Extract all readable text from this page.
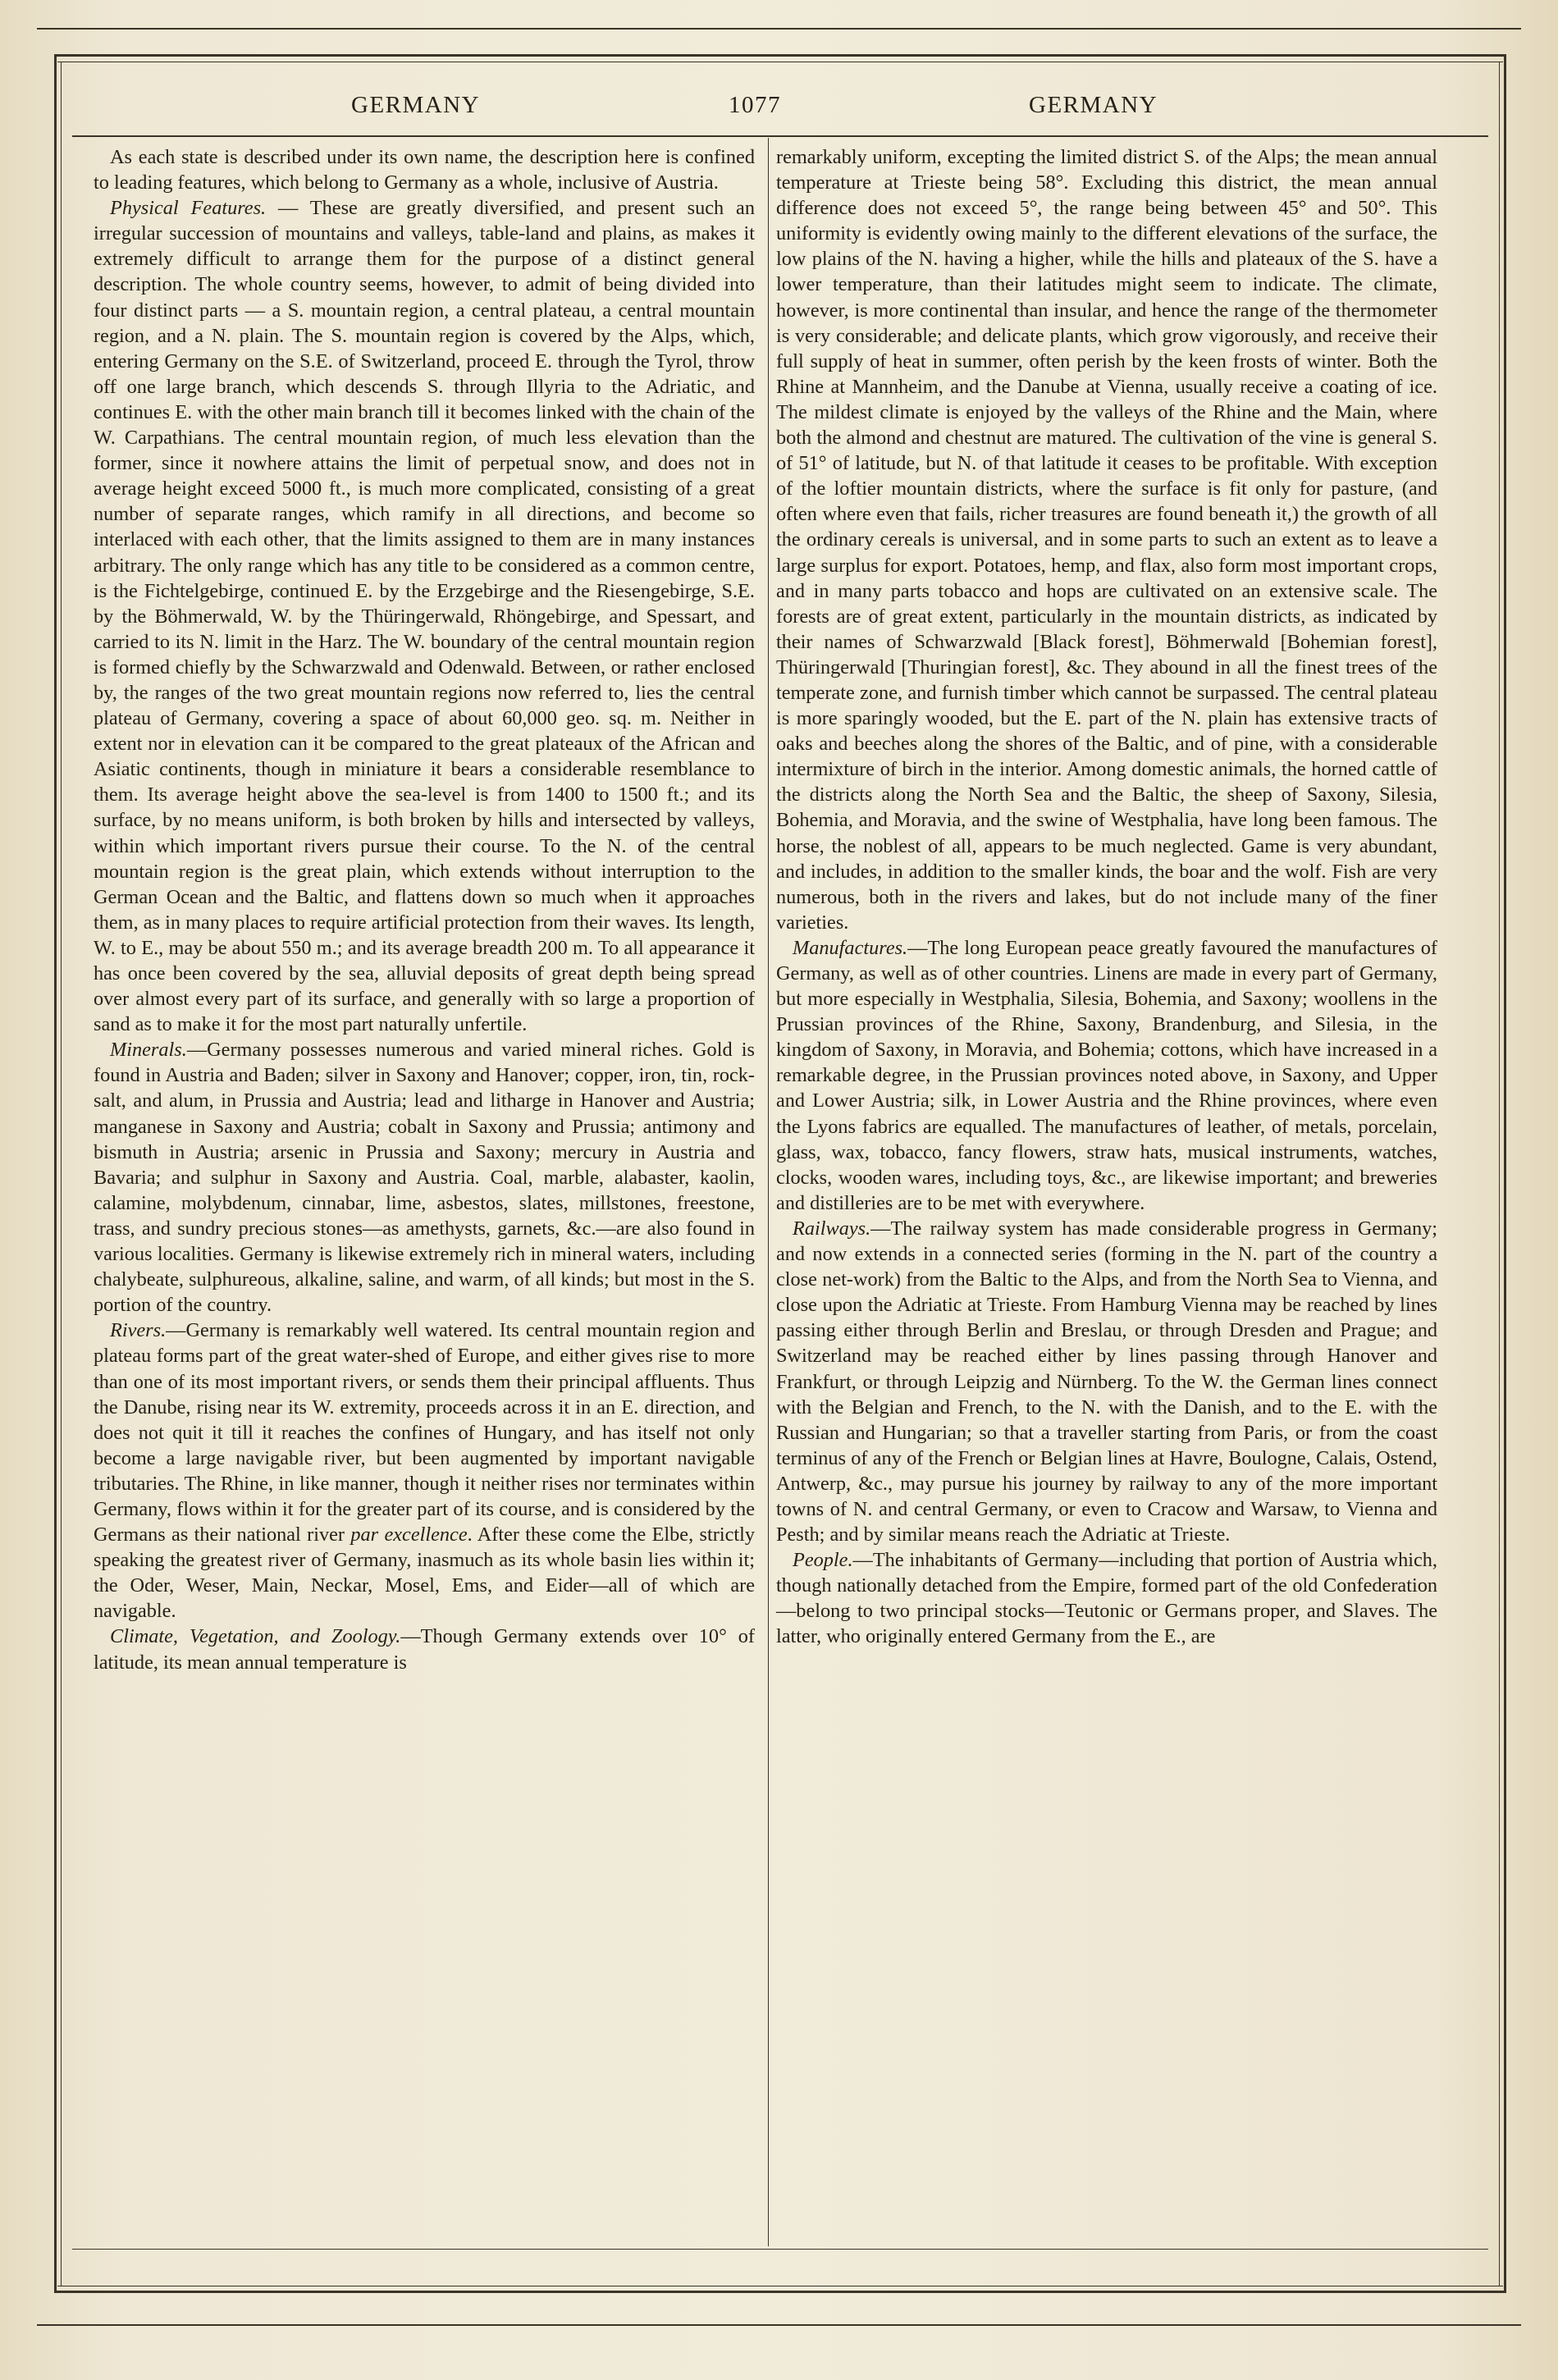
GERMANY	1077	GERMANY

As each state is described under its own name, the description here is confined to leading features, which belong to Germany as a whole, inclusive of Austria.

Physical Features. — These are greatly diversified, and present such an irregular succession of mountains and valleys, table-land and plains, as makes it extremely difficult to arrange them for the purpose of a distinct general description. The whole country seems, however, to admit of being divided into four distinct parts — a S. mountain region, a central plateau, a central mountain region, and a N. plain. The S. mountain region is covered by the Alps, which, entering Germany on the S.E. of Switzerland, proceed E. through the Tyrol, throw off one large branch, which descends S. through Illyria to the Adriatic, and continues E. with the other main branch till it becomes linked with the chain of the W. Carpathians. The central mountain region, of much less elevation than the former, since it nowhere attains the limit of perpetual snow, and does not in average height exceed 5000 ft., is much more complicated, consisting of a great number of separate ranges, which ramify in all directions, and become so interlaced with each other, that the limits assigned to them are in many instances arbitrary. The only range which has any title to be considered as a common centre, is the Fichtelgebirge, continued E. by the Erzgebirge and the Riesengebirge, S.E. by the Böhmerwald, W. by the Thüringerwald, Rhöngebirge, and Spessart, and carried to its N. limit in the Harz. The W. boundary of the central mountain region is formed chiefly by the Schwarzwald and Odenwald. Between, or rather enclosed by, the ranges of the two great mountain regions now referred to, lies the central plateau of Germany, covering a space of about 60,000 geo. sq. m. Neither in extent nor in elevation can it be compared to the great plateaux of the African and Asiatic continents, though in miniature it bears a considerable resemblance to them. Its average height above the sea-level is from 1400 to 1500 ft.; and its surface, by no means uniform, is both broken by hills and intersected by valleys, within which important rivers pursue their course. To the N. of the central mountain region is the great plain, which extends without interruption to the German Ocean and the Baltic, and flattens down so much when it approaches them, as in many places to require artificial protection from their waves. Its length, W. to E., may be about 550 m.; and its average breadth 200 m. To all appearance it has once been covered by the sea, alluvial deposits of great depth being spread over almost every part of its surface, and generally with so large a proportion of sand as to make it for the most part naturally unfertile.

Minerals.—Germany possesses numerous and varied mineral riches. Gold is found in Austria and Baden; silver in Saxony and Hanover; copper, iron, tin, rock-salt, and alum, in Prussia and Austria; lead and litharge in Hanover and Austria; manganese in Saxony and Austria; cobalt in Saxony and Prussia; antimony and bismuth in Austria; arsenic in Prussia and Saxony; mercury in Austria and Bavaria; and sulphur in Saxony and Austria. Coal, marble, alabaster, kaolin, calamine, molybdenum, cinnabar, lime, asbestos, slates, millstones, freestone, trass, and sundry precious stones—as amethysts, garnets, &c.—are also found in various localities. Germany is likewise extremely rich in mineral waters, including chalybeate, sulphureous, alkaline, saline, and warm, of all kinds; but most in the S. portion of the country.

Rivers.—Germany is remarkably well watered. Its central mountain region and plateau forms part of the great water-shed of Europe, and either gives rise to more than one of its most important rivers, or sends them their principal affluents. Thus the Danube, rising near its W. extremity, proceeds across it in an E. direction, and does not quit it till it reaches the confines of Hungary, and has itself not only become a large navigable river, but been augmented by important navigable tributaries. The Rhine, in like manner, though it neither rises nor terminates within Germany, flows within it for the greater part of its course, and is considered by the Germans as their national river par excellence. After these come the Elbe, strictly speaking the greatest river of Germany, inasmuch as its whole basin lies within it; the Oder, Weser, Main, Neckar, Mosel, Ems, and Eider—all of which are navigable.

Climate, Vegetation, and Zoology.—Though Germany extends over 10° of latitude, its mean annual temperature is

remarkably uniform, excepting the limited district S. of the Alps; the mean annual temperature at Trieste being 58°. Excluding this district, the mean annual difference does not exceed 5°, the range being between 45° and 50°. This uniformity is evidently owing mainly to the different elevations of the surface, the low plains of the N. having a higher, while the hills and plateaux of the S. have a lower temperature, than their latitudes might seem to indicate. The climate, however, is more continental than insular, and hence the range of the thermometer is very considerable; and delicate plants, which grow vigorously, and receive their full supply of heat in summer, often perish by the keen frosts of winter. Both the Rhine at Mannheim, and the Danube at Vienna, usually receive a coating of ice. The mildest climate is enjoyed by the valleys of the Rhine and the Main, where both the almond and chestnut are matured. The cultivation of the vine is general S. of 51° of latitude, but N. of that latitude it ceases to be profitable. With exception of the loftier mountain districts, where the surface is fit only for pasture, (and often where even that fails, richer treasures are found beneath it,) the growth of all the ordinary cereals is universal, and in some parts to such an extent as to leave a large surplus for export. Potatoes, hemp, and flax, also form most important crops, and in many parts tobacco and hops are cultivated on an extensive scale. The forests are of great extent, particularly in the mountain districts, as indicated by their names of Schwarzwald [Black forest], Böhmerwald [Bohemian forest], Thüringerwald [Thuringian forest], &c. They abound in all the finest trees of the temperate zone, and furnish timber which cannot be surpassed. The central plateau is more sparingly wooded, but the E. part of the N. plain has extensive tracts of oaks and beeches along the shores of the Baltic, and of pine, with a considerable intermixture of birch in the interior. Among domestic animals, the horned cattle of the districts along the North Sea and the Baltic, the sheep of Saxony, Silesia, Bohemia, and Moravia, and the swine of Westphalia, have long been famous. The horse, the noblest of all, appears to be much neglected. Game is very abundant, and includes, in addition to the smaller kinds, the boar and the wolf. Fish are very numerous, both in the rivers and lakes, but do not include many of the finer varieties.

Manufactures.—The long European peace greatly favoured the manufactures of Germany, as well as of other countries. Linens are made in every part of Germany, but more especially in Westphalia, Silesia, Bohemia, and Saxony; woollens in the Prussian provinces of the Rhine, Saxony, Brandenburg, and Silesia, in the kingdom of Saxony, in Moravia, and Bohemia; cottons, which have increased in a remarkable degree, in the Prussian provinces noted above, in Saxony, and Upper and Lower Austria; silk, in Lower Austria and the Rhine provinces, where even the Lyons fabrics are equalled. The manufactures of leather, of metals, porcelain, glass, wax, tobacco, fancy flowers, straw hats, musical instruments, watches, clocks, wooden wares, including toys, &c., are likewise important; and breweries and distilleries are to be met with everywhere.

Railways.—The railway system has made considerable progress in Germany; and now extends in a connected series (forming in the N. part of the country a close net-work) from the Baltic to the Alps, and from the North Sea to Vienna, and close upon the Adriatic at Trieste. From Hamburg Vienna may be reached by lines passing either through Berlin and Breslau, or through Dresden and Prague; and Switzerland may be reached either by lines passing through Hanover and Frankfurt, or through Leipzig and Nürnberg. To the W. the German lines connect with the Belgian and French, to the N. with the Danish, and to the E. with the Russian and Hungarian; so that a traveller starting from Paris, or from the coast terminus of any of the French or Belgian lines at Havre, Boulogne, Calais, Ostend, Antwerp, &c., may pursue his journey by railway to any of the more important towns of N. and central Germany, or even to Cracow and Warsaw, to Vienna and Pesth; and by similar means reach the Adriatic at Trieste.

People.—The inhabitants of Germany—including that portion of Austria which, though nationally detached from the Empire, formed part of the old Confederation—belong to two principal stocks—Teutonic or Germans proper, and Slaves. The latter, who originally entered Germany from the E., are
